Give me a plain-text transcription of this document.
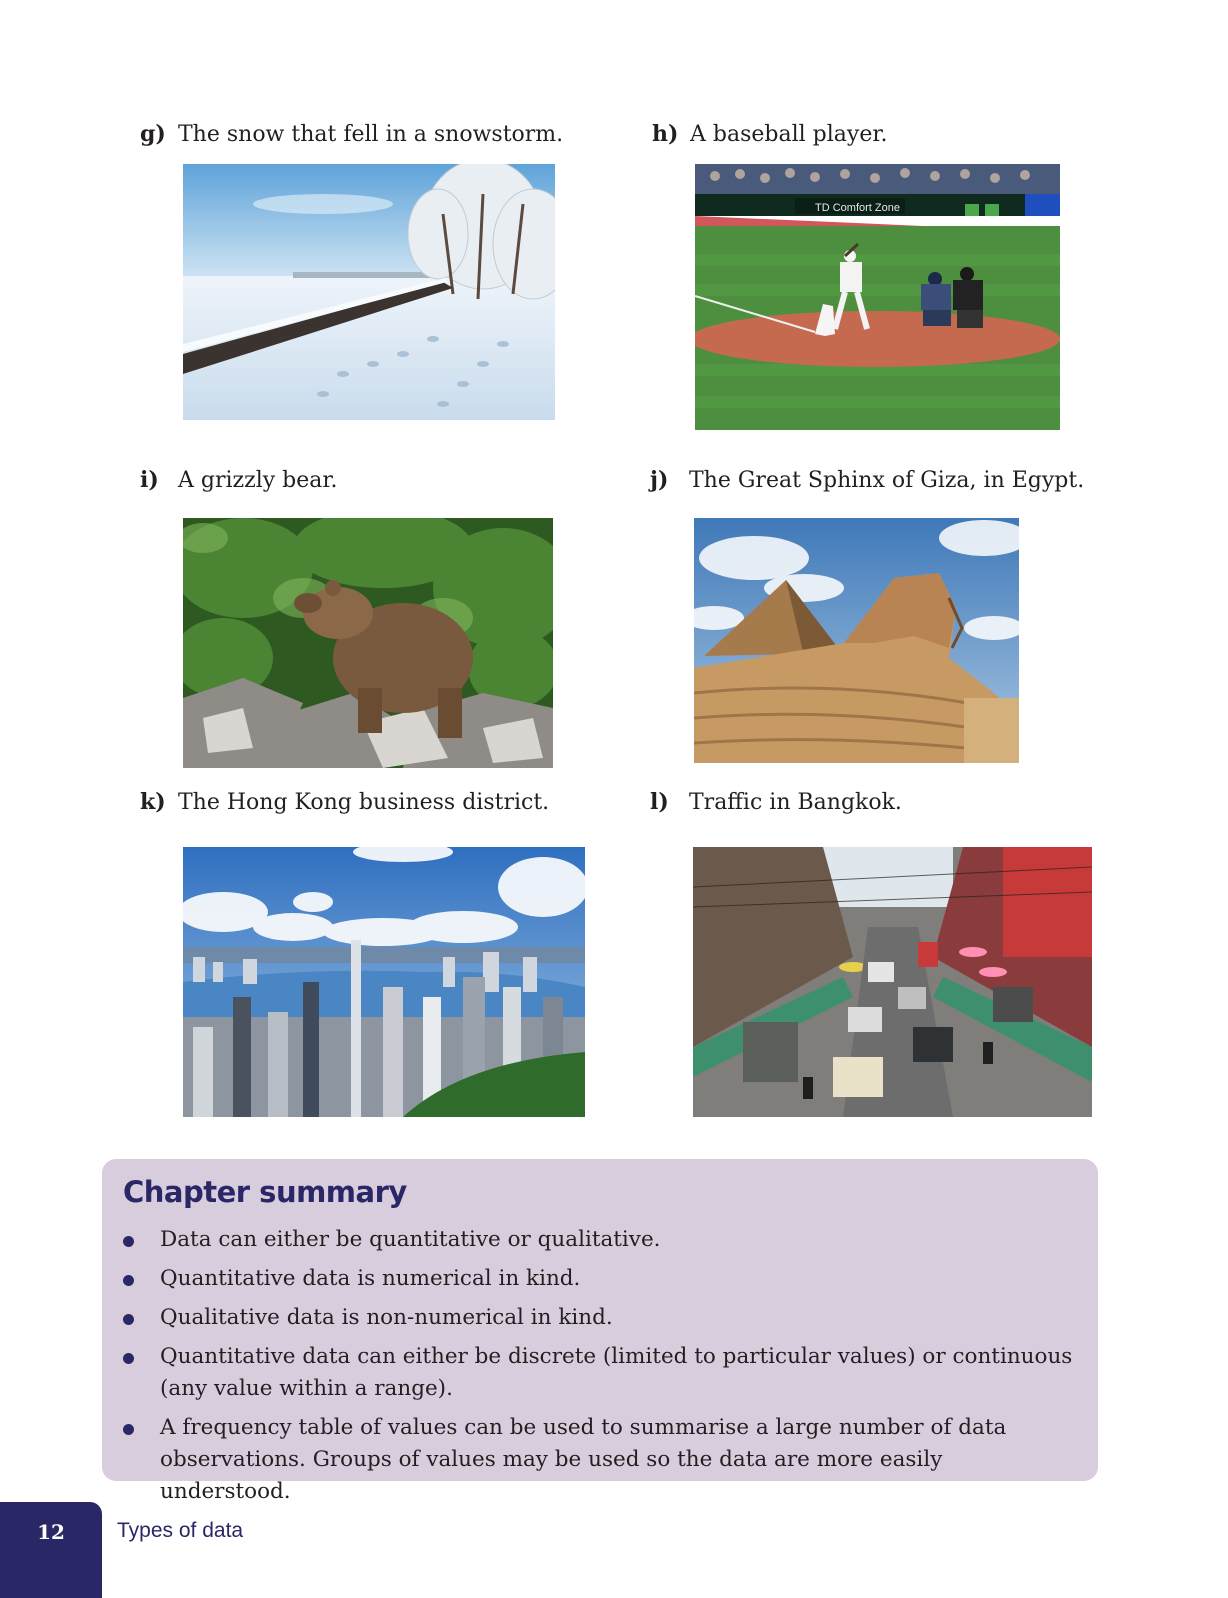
g) The snow that fell in a snowstorm.	h) A baseball player.
TD Comfort Zone
i) A grizzly bear.	j) The Great Sphinx of Giza, in Egypt.
k) The Hong Kong business district.	l) Traffic in Bangkok.
Chapter summary
Data can either be quantitative or qualitative.
Quantitative data is numerical in kind.
Qualitative data is non-numerical in kind.
Quantitative data can either be discrete (limited to particular values) or continuous (any value within a range).
A frequency table of values can be used to summarise a large number of data observations. Groups of values may be used so the data are more easily understood.
12	Types of data
